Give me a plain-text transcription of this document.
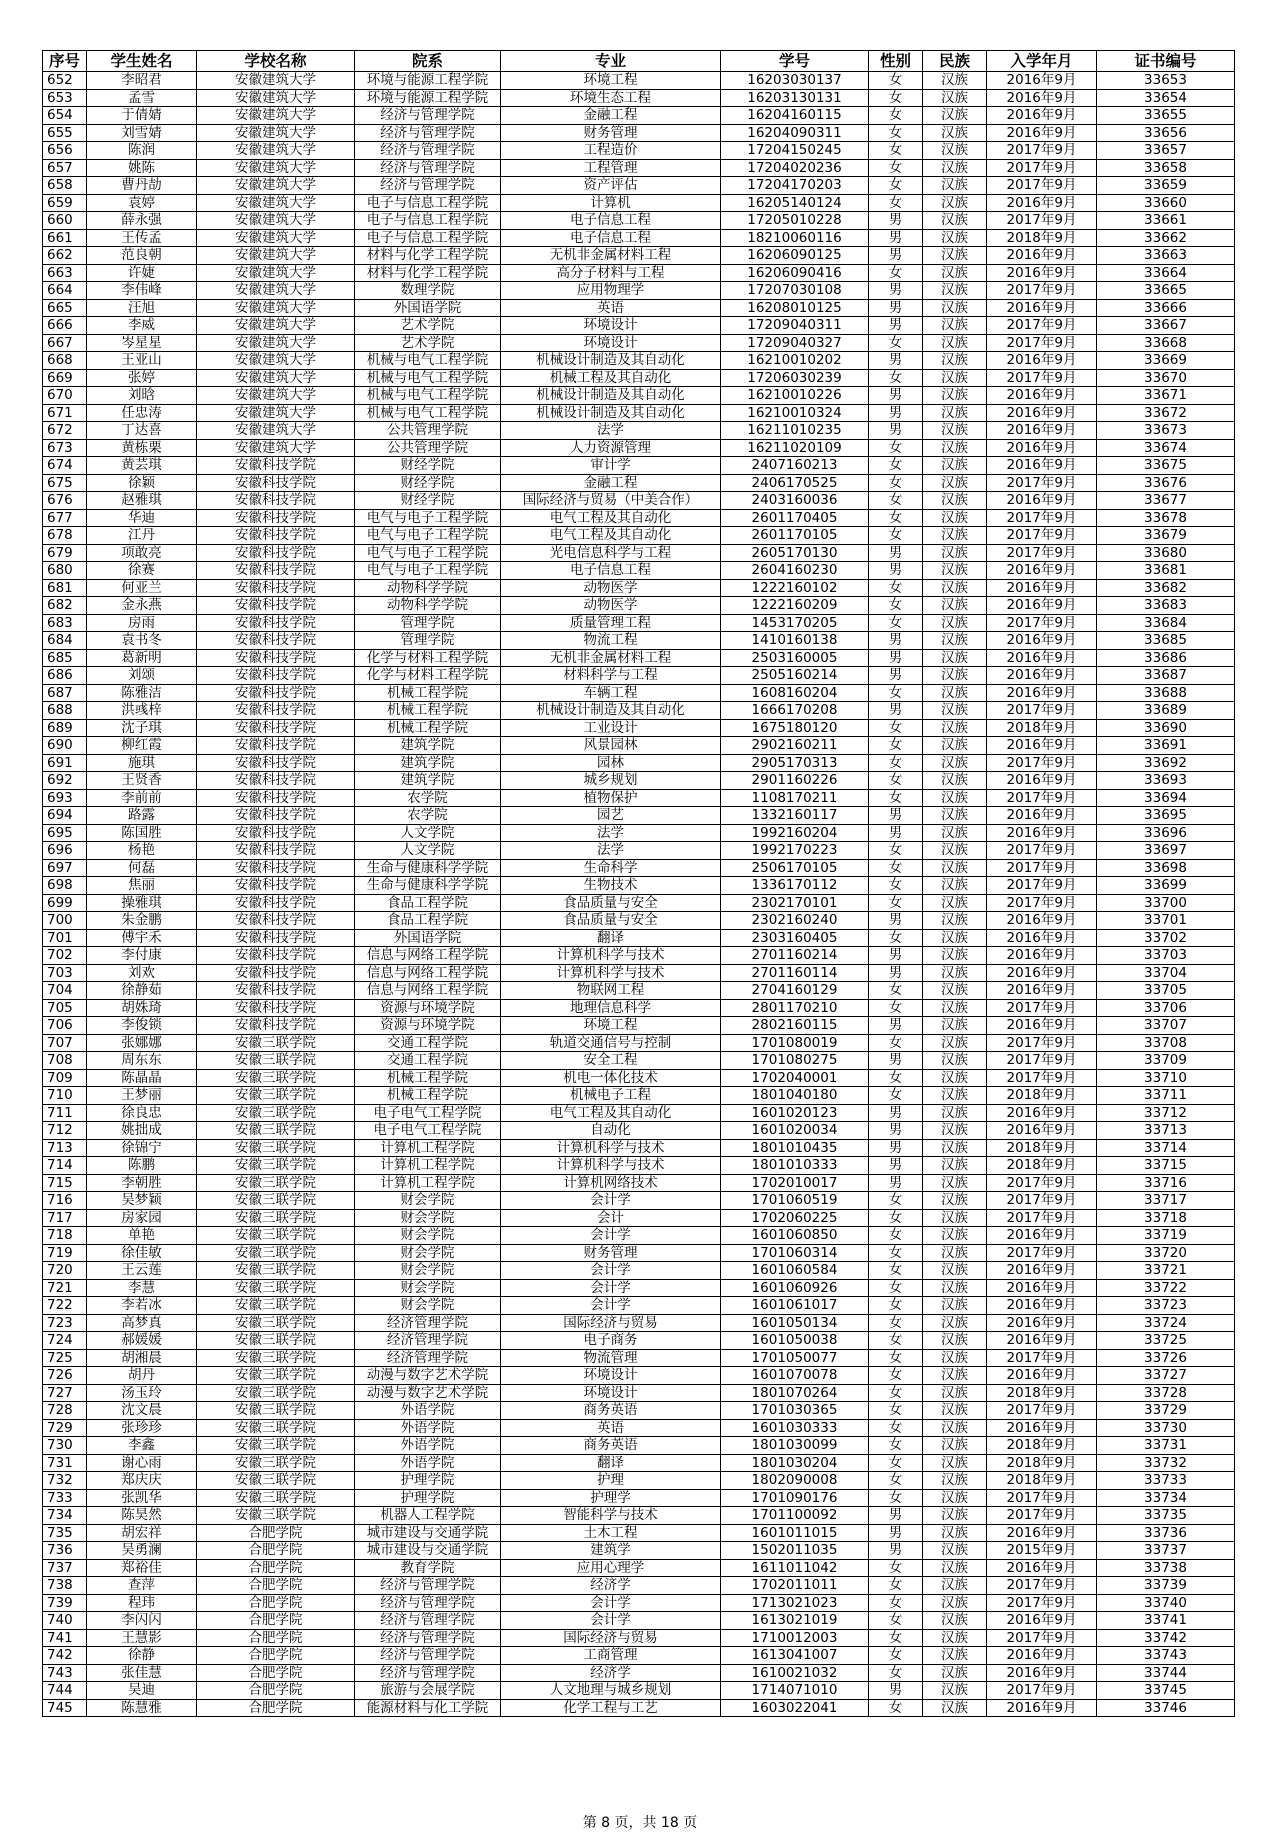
序号	学生姓名	学校名称	院系	专业	学号	性别	民族	入学年月	证书编号
652	李昭君	安徽建筑大学	环境与能源工程学院	环境工程	16203030137	女	汉族	2016年9月	33653
653	孟雪	安徽建筑大学	环境与能源工程学院	环境生态工程	16203130131	女	汉族	2016年9月	33654
654	于倩婧	安徽建筑大学	经济与管理学院	金融工程	16204160115	女	汉族	2016年9月	33655
655	刘雪婧	安徽建筑大学	经济与管理学院	财务管理	16204090311	女	汉族	2016年9月	33656
656	陈润	安徽建筑大学	经济与管理学院	工程造价	17204150245	女	汉族	2017年9月	33657
657	姚陈	安徽建筑大学	经济与管理学院	工程管理	17204020236	女	汉族	2017年9月	33658
658	曹丹劼	安徽建筑大学	经济与管理学院	资产评估	17204170203	女	汉族	2017年9月	33659
659	袁婷	安徽建筑大学	电子与信息工程学院	计算机	16205140124	女	汉族	2016年9月	33660
660	薛永强	安徽建筑大学	电子与信息工程学院	电子信息工程	17205010228	男	汉族	2017年9月	33661
661	王传孟	安徽建筑大学	电子与信息工程学院	电子信息工程	18210060116	男	汉族	2018年9月	33662
662	范良朝	安徽建筑大学	材料与化学工程学院	无机非金属材料工程	16206090125	男	汉族	2016年9月	33663
663	许婕	安徽建筑大学	材料与化学工程学院	高分子材料与工程	16206090416	女	汉族	2016年9月	33664
664	李伟峰	安徽建筑大学	数理学院	应用物理学	17207030108	男	汉族	2017年9月	33665
665	汪旭	安徽建筑大学	外国语学院	英语	16208010125	男	汉族	2016年9月	33666
666	李威	安徽建筑大学	艺术学院	环境设计	17209040311	男	汉族	2017年9月	33667
667	岑星星	安徽建筑大学	艺术学院	环境设计	17209040327	女	汉族	2017年9月	33668
668	王亚山	安徽建筑大学	机械与电气工程学院	机械设计制造及其自动化	16210010202	男	汉族	2016年9月	33669
669	张婷	安徽建筑大学	机械与电气工程学院	机械工程及其自动化	17206030239	女	汉族	2017年9月	33670
670	刘晗	安徽建筑大学	机械与电气工程学院	机械设计制造及其自动化	16210010226	男	汉族	2016年9月	33671
671	任忠涛	安徽建筑大学	机械与电气工程学院	机械设计制造及其自动化	16210010324	男	汉族	2016年9月	33672
672	丁达喜	安徽建筑大学	公共管理学院	法学	16211010235	男	汉族	2016年9月	33673
673	黄栋栗	安徽建筑大学	公共管理学院	人力资源管理	16211020109	女	汉族	2016年9月	33674
674	黄芸琪	安徽科技学院	财经学院	审计学	2407160213	女	汉族	2016年9月	33675
675	徐颖	安徽科技学院	财经学院	金融工程	2406170525	女	汉族	2017年9月	33676
676	赵雅琪	安徽科技学院	财经学院	国际经济与贸易（中美合作）	2403160036	女	汉族	2016年9月	33677
677	华迪	安徽科技学院	电气与电子工程学院	电气工程及其自动化	2601170405	女	汉族	2017年9月	33678
678	江丹	安徽科技学院	电气与电子工程学院	电气工程及其自动化	2601170105	女	汉族	2017年9月	33679
679	项敢亮	安徽科技学院	电气与电子工程学院	光电信息科学与工程	2605170130	男	汉族	2017年9月	33680
680	徐赛	安徽科技学院	电气与电子工程学院	电子信息工程	2604160230	男	汉族	2016年9月	33681
681	何亚兰	安徽科技学院	动物科学学院	动物医学	1222160102	女	汉族	2016年9月	33682
682	金永燕	安徽科技学院	动物科学学院	动物医学	1222160209	女	汉族	2016年9月	33683
683	房雨	安徽科技学院	管理学院	质量管理工程	1453170205	女	汉族	2017年9月	33684
684	袁书冬	安徽科技学院	管理学院	物流工程	1410160138	男	汉族	2016年9月	33685
685	葛新明	安徽科技学院	化学与材料工程学院	无机非金属材料工程	2503160005	男	汉族	2016年9月	33686
686	刘颂	安徽科技学院	化学与材料工程学院	材料科学与工程	2505160214	男	汉族	2016年9月	33687
687	陈雅洁	安徽科技学院	机械工程学院	车辆工程	1608160204	女	汉族	2016年9月	33688
688	洪彧梓	安徽科技学院	机械工程学院	机械设计制造及其自动化	1666170208	男	汉族	2017年9月	33689
689	沈子琪	安徽科技学院	机械工程学院	工业设计	1675180120	女	汉族	2018年9月	33690
690	柳红霞	安徽科技学院	建筑学院	风景园林	2902160211	女	汉族	2016年9月	33691
691	施琪	安徽科技学院	建筑学院	园林	2905170313	女	汉族	2017年9月	33692
692	王贤香	安徽科技学院	建筑学院	城乡规划	2901160226	女	汉族	2016年9月	33693
693	李前前	安徽科技学院	农学院	植物保护	1108170211	女	汉族	2017年9月	33694
694	路露	安徽科技学院	农学院	园艺	1332160117	男	汉族	2016年9月	33695
695	陈国胜	安徽科技学院	人文学院	法学	1992160204	男	汉族	2016年9月	33696
696	杨艳	安徽科技学院	人文学院	法学	1992170223	女	汉族	2017年9月	33697
697	何磊	安徽科技学院	生命与健康科学学院	生命科学	2506170105	女	汉族	2017年9月	33698
698	焦丽	安徽科技学院	生命与健康科学学院	生物技术	1336170112	女	汉族	2017年9月	33699
699	操雅琪	安徽科技学院	食品工程学院	食品质量与安全	2302170101	女	汉族	2017年9月	33700
700	朱金鹏	安徽科技学院	食品工程学院	食品质量与安全	2302160240	男	汉族	2016年9月	33701
701	傅宇禾	安徽科技学院	外国语学院	翻译	2303160405	女	汉族	2016年9月	33702
702	李付康	安徽科技学院	信息与网络工程学院	计算机科学与技术	2701160214	男	汉族	2016年9月	33703
703	刘欢	安徽科技学院	信息与网络工程学院	计算机科学与技术	2701160114	男	汉族	2016年9月	33704
704	徐静茹	安徽科技学院	信息与网络工程学院	物联网工程	2704160129	女	汉族	2016年9月	33705
705	胡姝琦	安徽科技学院	资源与环境学院	地理信息科学	2801170210	女	汉族	2017年9月	33706
706	李俊锁	安徽科技学院	资源与环境学院	环境工程	2802160115	男	汉族	2016年9月	33707
707	张娜娜	安徽三联学院	交通工程学院	轨道交通信号与控制	1701080019	女	汉族	2017年9月	33708
708	周东东	安徽三联学院	交通工程学院	安全工程	1701080275	男	汉族	2017年9月	33709
709	陈晶晶	安徽三联学院	机械工程学院	机电一体化技术	1702040001	女	汉族	2017年9月	33710
710	王梦丽	安徽三联学院	机械工程学院	机械电子工程	1801040180	女	汉族	2018年9月	33711
711	徐良忠	安徽三联学院	电子电气工程学院	电气工程及其自动化	1601020123	男	汉族	2016年9月	33712
712	姚拙成	安徽三联学院	电子电气工程学院	自动化	1601020034	男	汉族	2016年9月	33713
713	徐锦宁	安徽三联学院	计算机工程学院	计算机科学与技术	1801010435	男	汉族	2018年9月	33714
714	陈鹏	安徽三联学院	计算机工程学院	计算机科学与技术	1801010333	男	汉族	2018年9月	33715
715	李朝胜	安徽三联学院	计算机工程学院	计算机网络技术	1702010017	男	汉族	2017年9月	33716
716	吴梦颖	安徽三联学院	财会学院	会计学	1701060519	女	汉族	2017年9月	33717
717	房家园	安徽三联学院	财会学院	会计	1702060225	女	汉族	2017年9月	33718
718	单艳	安徽三联学院	财会学院	会计学	1601060850	女	汉族	2016年9月	33719
719	徐佳敏	安徽三联学院	财会学院	财务管理	1701060314	女	汉族	2017年9月	33720
720	王云莲	安徽三联学院	财会学院	会计学	1601060584	女	汉族	2016年9月	33721
721	李慧	安徽三联学院	财会学院	会计学	1601060926	女	汉族	2016年9月	33722
722	李若冰	安徽三联学院	财会学院	会计学	1601061017	女	汉族	2016年9月	33723
723	高梦真	安徽三联学院	经济管理学院	国际经济与贸易	1601050134	女	汉族	2016年9月	33724
724	郝媛媛	安徽三联学院	经济管理学院	电子商务	1601050038	女	汉族	2016年9月	33725
725	胡湘晨	安徽三联学院	经济管理学院	物流管理	1701050077	女	汉族	2017年9月	33726
726	胡丹	安徽三联学院	动漫与数字艺术学院	环境设计	1601070078	女	汉族	2016年9月	33727
727	汤玉玲	安徽三联学院	动漫与数字艺术学院	环境设计	1801070264	女	汉族	2018年9月	33728
728	沈文晨	安徽三联学院	外语学院	商务英语	1701030365	女	汉族	2017年9月	33729
729	张珍珍	安徽三联学院	外语学院	英语	1601030333	女	汉族	2016年9月	33730
730	李鑫	安徽三联学院	外语学院	商务英语	1801030099	女	汉族	2018年9月	33731
731	谢心雨	安徽三联学院	外语学院	翻译	1801030204	女	汉族	2018年9月	33732
732	郑庆庆	安徽三联学院	护理学院	护理	1802090008	女	汉族	2018年9月	33733
733	张凯华	安徽三联学院	护理学院	护理学	1701090176	女	汉族	2017年9月	33734
734	陈昊然	安徽三联学院	机器人工程学院	智能科学与技术	1701100092	男	汉族	2017年9月	33735
735	胡宏祥	合肥学院	城市建设与交通学院	土木工程	1601011015	男	汉族	2016年9月	33736
736	吴勇澜	合肥学院	城市建设与交通学院	建筑学	1502011035	男	汉族	2015年9月	33737
737	郑裕佳	合肥学院	教育学院	应用心理学	1611011042	女	汉族	2016年9月	33738
738	查萍	合肥学院	经济与管理学院	经济学	1702011011	女	汉族	2017年9月	33739
739	程玮	合肥学院	经济与管理学院	会计学	1713021023	女	汉族	2017年9月	33740
740	李闪闪	合肥学院	经济与管理学院	会计学	1613021019	女	汉族	2016年9月	33741
741	王慧影	合肥学院	经济与管理学院	国际经济与贸易	1710012003	女	汉族	2017年9月	33742
742	徐静	合肥学院	经济与管理学院	工商管理	1613041007	女	汉族	2016年9月	33743
743	张佳慧	合肥学院	经济与管理学院	经济学	1610021032	女	汉族	2016年9月	33744
744	吴迪	合肥学院	旅游与会展学院	人文地理与城乡规划	1714071010	男	汉族	2017年9月	33745
745	陈慧雅	合肥学院	能源材料与化工学院	化学工程与工艺	1603022041	女	汉族	2016年9月	33746
第 8 页，共 18 页
